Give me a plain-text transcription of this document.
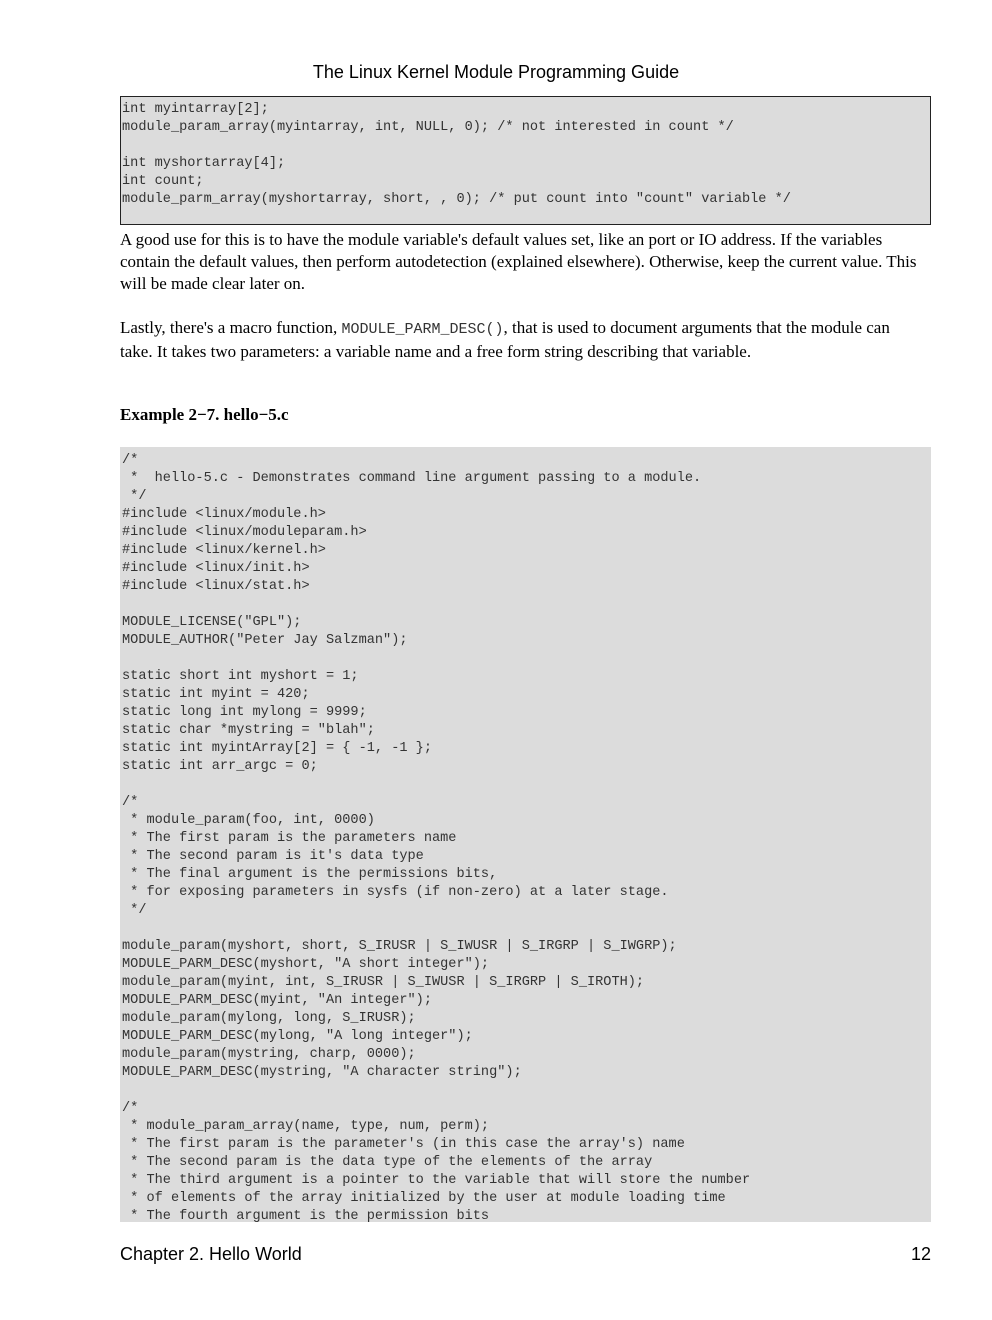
The Linux Kernel Module Programming Guide
int myintarray[2];
module_param_array(myintarray, int, NULL, 0); /* not interested in count */

int myshortarray[4];
int count;
module_parm_array(myshortarray, short, , 0); /* put count into "count" variable */

A good use for this is to have the module variable's default values set, like an port or IO address. If the variables contain the default values, then perform autodetection (explained elsewhere). Otherwise, keep the current value. This will be made clear later on.

Lastly, there's a macro function, MODULE_PARM_DESC(), that is used to document arguments that the module can take. It takes two parameters: a variable name and a free form string describing that variable.

Example 2−7. hello−5.c

/*
*  hello-5.c - Demonstrates command line argument passing to a module.
*/
#include <linux/module.h>
#include <linux/moduleparam.h>
#include <linux/kernel.h>
#include <linux/init.h>
#include <linux/stat.h>

MODULE_LICENSE("GPL");
MODULE_AUTHOR("Peter Jay Salzman");

static short int myshort = 1;
static int myint = 420;
static long int mylong = 9999;
static char *mystring = "blah";
static int myintArray[2] = { -1, -1 };
static int arr_argc = 0;

/*
* module_param(foo, int, 0000)
* The first param is the parameters name
* The second param is it's data type
* The final argument is the permissions bits,
* for exposing parameters in sysfs (if non-zero) at a later stage.
*/

module_param(myshort, short, S_IRUSR | S_IWUSR | S_IRGRP | S_IWGRP);
MODULE_PARM_DESC(myshort, "A short integer");
module_param(myint, int, S_IRUSR | S_IWUSR | S_IRGRP | S_IROTH);
MODULE_PARM_DESC(myint, "An integer");
module_param(mylong, long, S_IRUSR);
MODULE_PARM_DESC(mylong, "A long integer");
module_param(mystring, charp, 0000);
MODULE_PARM_DESC(mystring, "A character string");

/*
* module_param_array(name, type, num, perm);
* The first param is the parameter's (in this case the array's) name
* The second param is the data type of the elements of the array
* The third argument is a pointer to the variable that will store the number
* of elements of the array initialized by the user at module loading time
* The fourth argument is the permission bits
Chapter 2. Hello World	12
